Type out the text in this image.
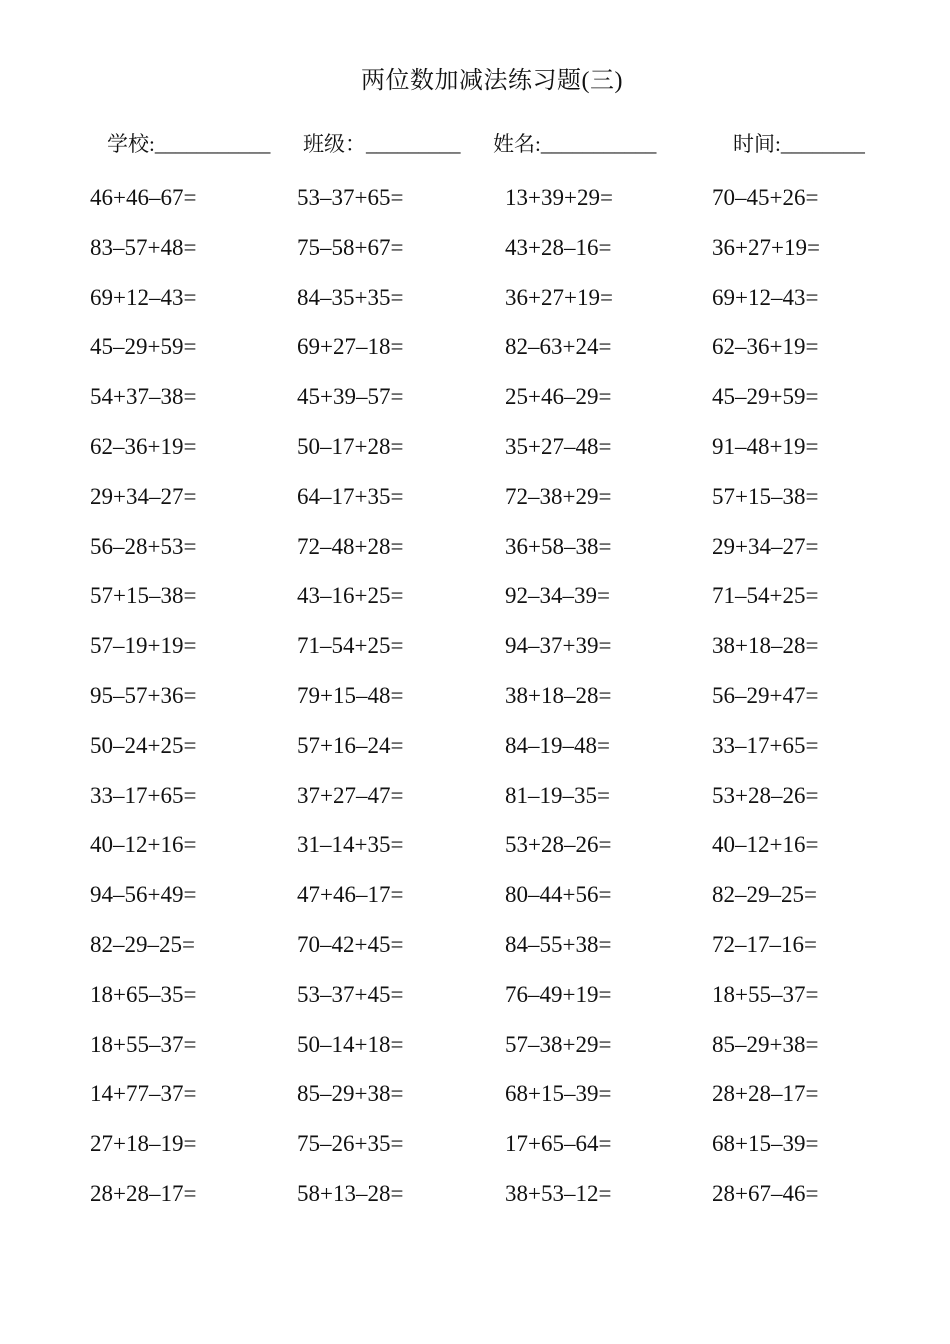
两位数加减法练习题(三)
学校:___________ 班级：_________ 姓名:___________	时间:________
46+46–67=	53–37+65=	13+39+29=	70–45+26=
83–57+48=	75–58+67=	43+28–16=	36+27+19=
69+12–43=	84–35+35=	36+27+19=	69+12–43=
45–29+59=	69+27–18=	82–63+24=	62–36+19=
54+37–38=	45+39–57=	25+46–29=	45–29+59=
62–36+19=	50–17+28=	35+27–48=	91–48+19=
29+34–27=	64–17+35=	72–38+29=	57+15–38=
56–28+53=	72–48+28=	36+58–38=	29+34–27=
57+15–38=	43–16+25=	92–34–39=	71–54+25=
57–19+19=	71–54+25=	94–37+39=	38+18–28=
95–57+36=	79+15–48=	38+18–28=	56–29+47=
50–24+25=	57+16–24=	84–19–48=	33–17+65=
33–17+65=	37+27–47=	81–19–35=	53+28–26=
40–12+16=	31–14+35=	53+28–26=	40–12+16=
94–56+49=	47+46–17=	80–44+56=	82–29–25=
82–29–25=	70–42+45=	84–55+38=	72–17–16=
18+65–35=	53–37+45=	76–49+19=	18+55–37=
18+55–37=	50–14+18=	57–38+29=	85–29+38=
14+77–37=	85–29+38=	68+15–39=	28+28–17=
27+18–19=	75–26+35=	17+65–64=	68+15–39=
28+28–17=	58+13–28=	38+53–12=	28+67–46=
